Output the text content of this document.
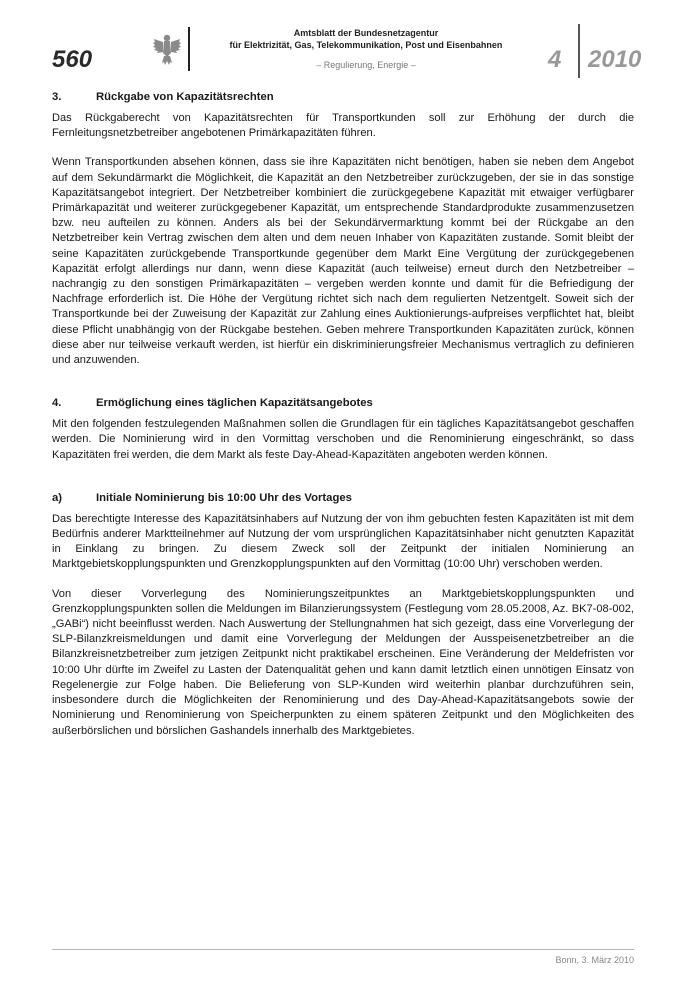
560
Amtsblatt der Bundesnetzagentur
für Elektrizität, Gas, Telekommunikation, Post und Eisenbahnen
– Regulierung, Energie –	4 2010
3.	Rückgabe von Kapazitätsrechten

Das Rückgaberecht von Kapazitätsrechten für Transportkunden soll zur Erhöhung der durch die Fernleitungsnetzbetreiber angebotenen Primärkapazitäten führen.

Wenn Transportkunden absehen können, dass sie ihre Kapazitäten nicht benötigen, haben sie neben dem Angebot auf dem Sekundärmarkt die Möglichkeit, die Kapazität an den Netzbetreiber zurückzugeben, der sie in das sonstige Kapazitätsangebot integriert. Der Netzbetreiber kombiniert die zurückgegebene Kapazität mit etwaiger verfügbarer Primärkapazität und weiterer zurückgegebener Kapazität, um entsprechende Standardprodukte zusammenzusetzen bzw. neu aufteilen zu können. Anders als bei der Sekundärvermarktung kommt bei der Rückgabe an den Netzbetreiber kein Vertrag zwischen dem alten und dem neuen Inhaber von Kapazitäten zustande. Somit bleibt der seine Kapazitäten zurückgebende Transportkunde gegenüber dem Markt Eine Vergütung der zurückgegebenen Kapazität erfolgt allerdings nur dann, wenn diese Kapazität (auch teilweise) erneut durch den Netzbetreiber – nachrangig zu den sonstigen Primärkapazitäten – vergeben werden konnte und damit für die Befriedigung der Nachfrage erforderlich ist. Die Höhe der Vergütung richtet sich nach dem regulierten Netzentgelt. Soweit sich der Transportkunde bei der Zuweisung der Kapazität zur Zahlung eines Auktionierungs-aufpreises verpflichtet hat, bleibt diese Pflicht unabhängig von der Rückgabe bestehen. Geben mehrere Transportkunden Kapazitäten zurück, können diese aber nur teilweise verkauft werden, ist hierfür ein diskriminierungsfreier Mechanismus vertraglich zu definieren und anzuwenden.

4.	Ermöglichung eines täglichen Kapazitätsangebotes

Mit den folgenden festzulegenden Maßnahmen sollen die Grundlagen für ein tägliches Kapazitätsangebot geschaffen werden. Die Nominierung wird in den Vormittag verschoben und die Renominierung eingeschränkt, so dass Kapazitäten frei werden, die dem Markt als feste Day-Ahead-Kapazitäten angeboten werden können.

a)	Initiale Nominierung bis 10:00 Uhr des Vortages

Das berechtigte Interesse des Kapazitätsinhabers auf Nutzung der von ihm gebuchten festen Kapazitäten ist mit dem Bedürfnis anderer Marktteilnehmer auf Nutzung der vom ursprünglichen Kapazitätsinhaber nicht genutzten Kapazität in Einklang zu bringen. Zu diesem Zweck soll der Zeitpunkt der initialen Nominierung an Marktgebietskopplungspunkten und Grenzkopplungspunkten auf den Vormittag (10:00 Uhr) verschoben werden.

Von dieser Vorverlegung des Nominierungszeitpunktes an Marktgebietskopplungspunkten und Grenzkopplungspunkten sollen die Meldungen im Bilanzierungssystem (Festlegung vom 28.05.2008, Az. BK7-08-002, „GABi“) nicht beeinflusst werden. Nach Auswertung der Stellungnahmen hat sich gezeigt, dass eine Vorverlegung der SLP-Bilanzkreismeldungen und damit eine Vorverlegung der Meldungen der Ausspeisenetzbetreiber an die Bilanzkreisnetzbetreiber zum jetzigen Zeitpunkt nicht praktikabel erscheinen. Eine Veränderung der Meldefristen vor 10:00 Uhr dürfte im Zweifel zu Lasten der Datenqualität gehen und kann damit letztlich einen unnötigen Einsatz von Regelenergie zur Folge haben. Die Belieferung von SLP-Kunden wird weiterhin planbar durchzuführen sein, insbesondere durch die Möglichkeiten der Renominierung und des Day-Ahead-Kapazitätsangebots sowie der Nominierung und Renominierung von Speicherpunkten zu einem späteren Zeitpunkt und den Möglichkeiten des außerbörslichen und börslichen Gashandels innerhalb des Marktgebietes.

Bonn, 3. März 2010
